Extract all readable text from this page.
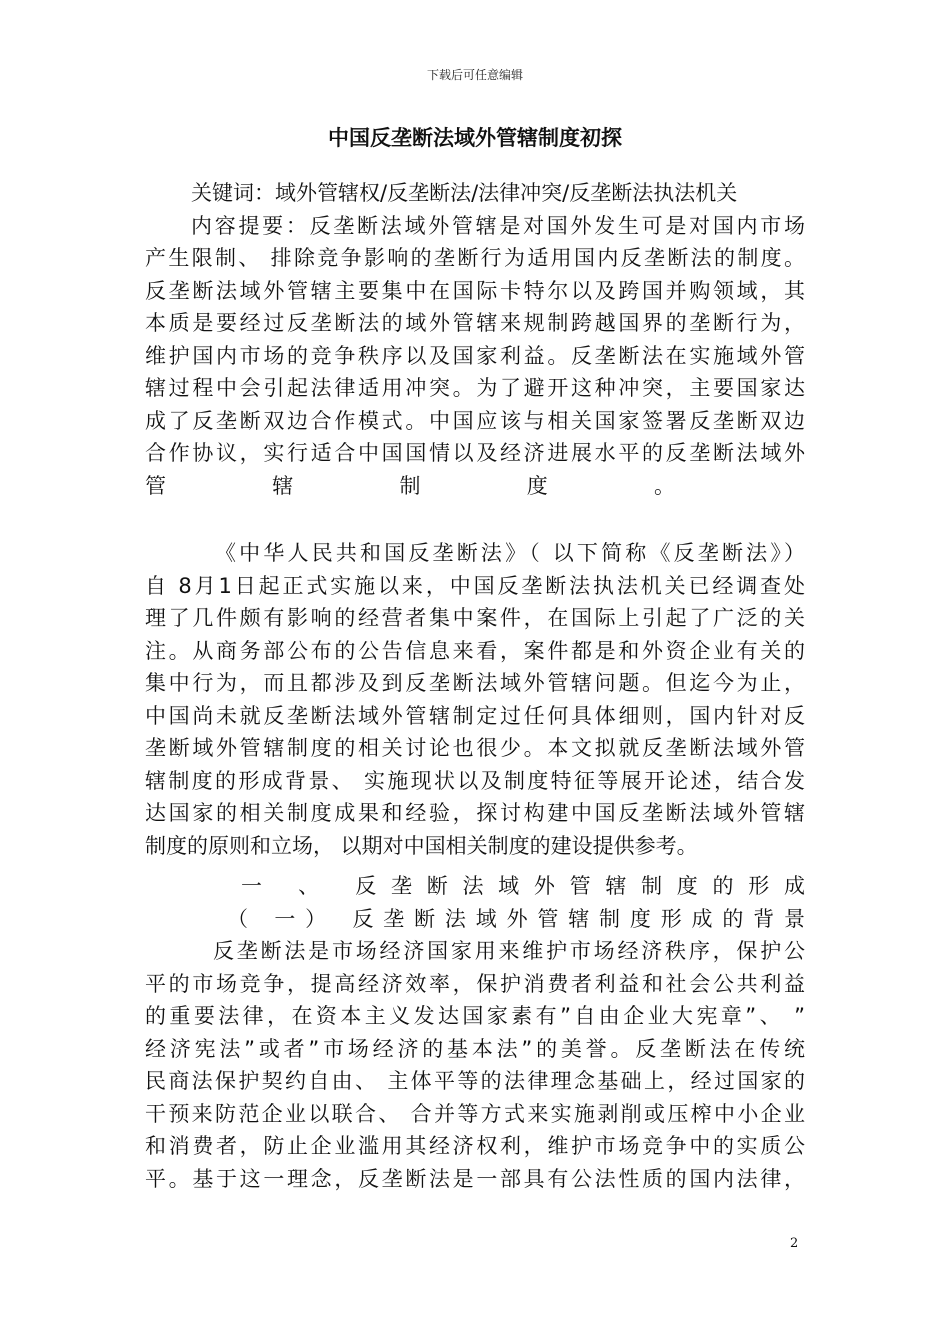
下载后可任意编辑
中国反垄断法域外管辖制度初探
关键词：域外管辖权/反垄断法/法律冲突/反垄断法执法机关
内容提要：反垄断法域外管辖是对国外发生可是对国内市场
产生限制、 排除竞争影响的垄断行为适用国内反垄断法的制度。
反垄断法域外管辖主要集中在国际卡特尔以及跨国并购领域，其
本质是要经过反垄断法的域外管辖来规制跨越国界的垄断行为，
维护国内市场的竞争秩序以及国家利益。反垄断法在实施域外管
辖过程中会引起法律适用冲突。为了避开这种冲突，主要国家达
成了反垄断双边合作模式。中国应该与相关国家签署反垄断双边
合作协议，实行适合中国国情以及经济进展水平的反垄断法域外
管 辖 制 度 。
《中华人民共和国反垄断法》（ 以下简称《反垄断法》）
自 8月1日起正式实施以来，中国反垄断法执法机关已经调查处
理了几件颇有影响的经营者集中案件，在国际上引起了广泛的关
注。从商务部公布的公告信息来看，案件都是和外资企业有关的
集中行为，而且都涉及到反垄断法域外管辖问题。但迄今为止，
中国尚未就反垄断法域外管辖制定过任何具体细则，国内针对反
垄断域外管辖制度的相关讨论也很少。本文拟就反垄断法域外管
辖制度的形成背景、 实施现状以及制度特征等展开论述，结合发
达国家的相关制度成果和经验，探讨构建中国反垄断法域外管辖
制度的原则和立场， 以期对中国相关制度的建设提供参考。
一 、 反垄断法域外管辖制度的形成
（ 一） 反垄断法域外管辖制度形成的背景
反垄断法是市场经济国家用来维护市场经济秩序，保护公
平的市场竞争，提高经济效率，保护消费者利益和社会公共利益
的重要法律，在资本主义发达国家素有”自由企业大宪章”、 ”
经济宪法”或者”市场经济的基本法”的美誉。反垄断法在传统
民商法保护契约自由、 主体平等的法律理念基础上，经过国家的
干预来防范企业以联合、 合并等方式来实施剥削或压榨中小企业
和消费者，防止企业滥用其经济权利，维护市场竞争中的实质公
平。基于这一理念，反垄断法是一部具有公法性质的国内法律，
2
